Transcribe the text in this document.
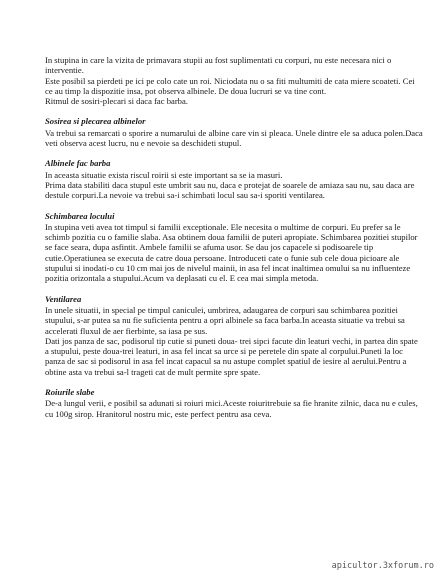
In stupina in care la vizita de primavara stupii au fost suplimentati cu corpuri, nu este necesara nici o interventie.

Este posibil sa pierdeti pe ici pe colo cate un roi. Niciodata nu o sa fiti multumiti de cata miere scoateti. Cei ce au timp la dispozitie insa, pot observa albinele. De doua lucruri se va tine cont.

Ritmul de sosiri-plecari si daca fac barba.

Sosirea si plecarea albinelor

Va trebui sa remarcati o sporire a numarului de albine care vin si pleaca. Unele dintre ele sa aduca polen.Daca veti observa acest lucru, nu e nevoie sa deschideti stupul.

Albinele fac barba

In aceasta situatie exista riscul roirii si este important sa se ia masuri.

Prima data stabiliti daca stupul este umbrit sau nu, daca e protejat de soarele de amiaza sau nu, sau daca are destule corpuri.La nevoie va trebui sa-i schimbati locul sau sa-i sporiti ventilarea.

Schimbarea locului

In stupina veti avea tot timpul si familii exceptionale. Ele necesita o multime de corpuri. Eu prefer sa le schimb pozitia cu o familie slaba. Asa obtinem doua familii de puteri apropiate. Schimbarea pozitiei stupilor se face seara, dupa asfintit. Ambele familii se afuma usor. Se dau jos capacele si podisoarele tip cutie.Operatiunea se executa de catre doua persoane. Introduceti cate o funie sub cele doua picioare ale stupului si inodati-o cu 10 cm mai jos de nivelul mainii, in asa fel incat inaltimea omului sa nu influenteze pozitia orizontala a stupului.Acum va deplasati cu el. E cea mai simpla metoda.

Ventilarea

In unele situatii, in special pe timpul caniculei, umbrirea, adaugarea de corpuri sau schimbarea pozitiei stupului, s-ar putea sa nu fie suficienta pentru a opri albinele sa faca barba.In aceasta situatie va trebui sa accelerati fluxul de aer fierbinte, sa iasa pe sus.

Dati jos panza de sac, podisorul tip cutie si puneti doua- trei sipci facute din leaturi vechi, in partea din spate a stupului, peste doua-trei leaturi, in asa fel incat sa urce si pe peretele din spate al corpului.Puneti la loc panza de sac si podisorul in asa fel incat capacul sa nu astupe complet spatiul de iesire al aerului.Pentru a obtine asta va trebui sa-l trageti cat de mult permite spre spate.

Roiurile slabe

De-a lungul verii, e posibil sa adunati si roiuri mici.Aceste roiuritrebuie sa fie hranite zilnic, daca nu e cules, cu 100g sirop. Hranitorul nostru mic, este perfect pentru asa ceva.

apicultor.3xforum.ro
